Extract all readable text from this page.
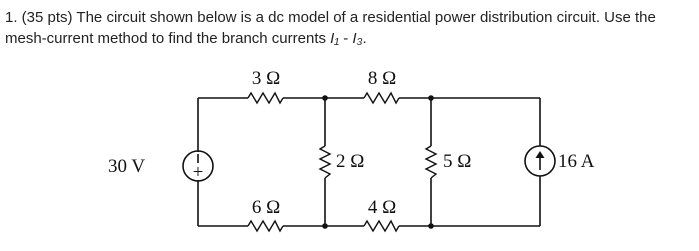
1. (35 pts) The circuit shown below is a dc model of a residential power distribution circuit. Use the
mesh-current method to find the branch currents I₁ - I₃.
+
30 V	16 A
3 Ω	8 Ω
2 Ω	5 Ω
6 Ω	4 Ω
